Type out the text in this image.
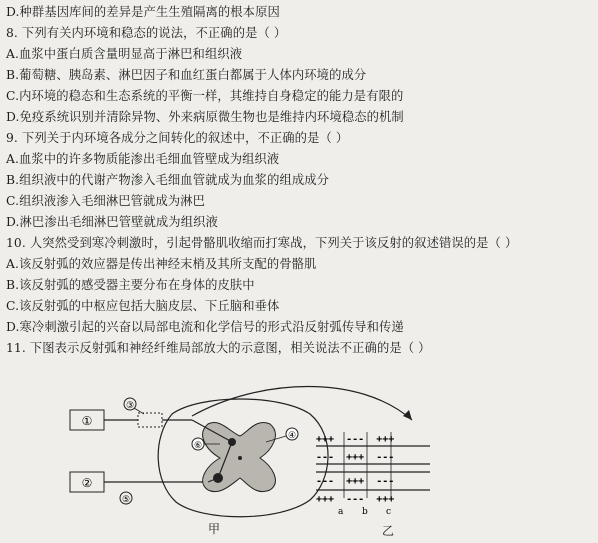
D.种群基因库间的差异是产生生殖隔离的根本原因
8. 下列有关内环境和稳态的说法，不正确的是（ ）
A.血浆中蛋白质含量明显高于淋巴和组织液
B.葡萄糖、胰岛素、淋巴因子和血红蛋白都属于人体内环境的成分
C.内环境的稳态和生态系统的平衡一样，其维持自身稳定的能力是有限的
D.免疫系统识别并清除异物、外来病原微生物也是维持内环境稳态的机制
9. 下列关于内环境各成分之间转化的叙述中，不正确的是（ ）
A.血浆中的许多物质能渗出毛细血管壁成为组织液
B.组织液中的代谢产物渗入毛细血管就成为血浆的组成成分
C.组织液渗入毛细淋巴管就成为淋巴
D.淋巴渗出毛细淋巴管壁就成为组织液
10. 人突然受到寒冷刺激时，引起骨骼肌收缩而打寒战，下列关于该反射的叙述错误的是（ ）
A.该反射弧的效应器是传出神经末梢及其所支配的骨骼肌
B.该反射弧的感受器主要分布在身体的皮肤中
C.该反射弧的中枢应包括大脑皮层、下丘脑和垂体
D.寒冷刺激引起的兴奋以局部电流和化学信号的形式沿反射弧传导和传递
11. 下图表示反射弧和神经纤维局部放大的示意图，相关说法不正确的是（ ）
①
②
③
⑤
⑥
④ +++  ---  +++
---  +++  ---
---  +++  ---
+++  ---  +++
a b c
甲	乙
